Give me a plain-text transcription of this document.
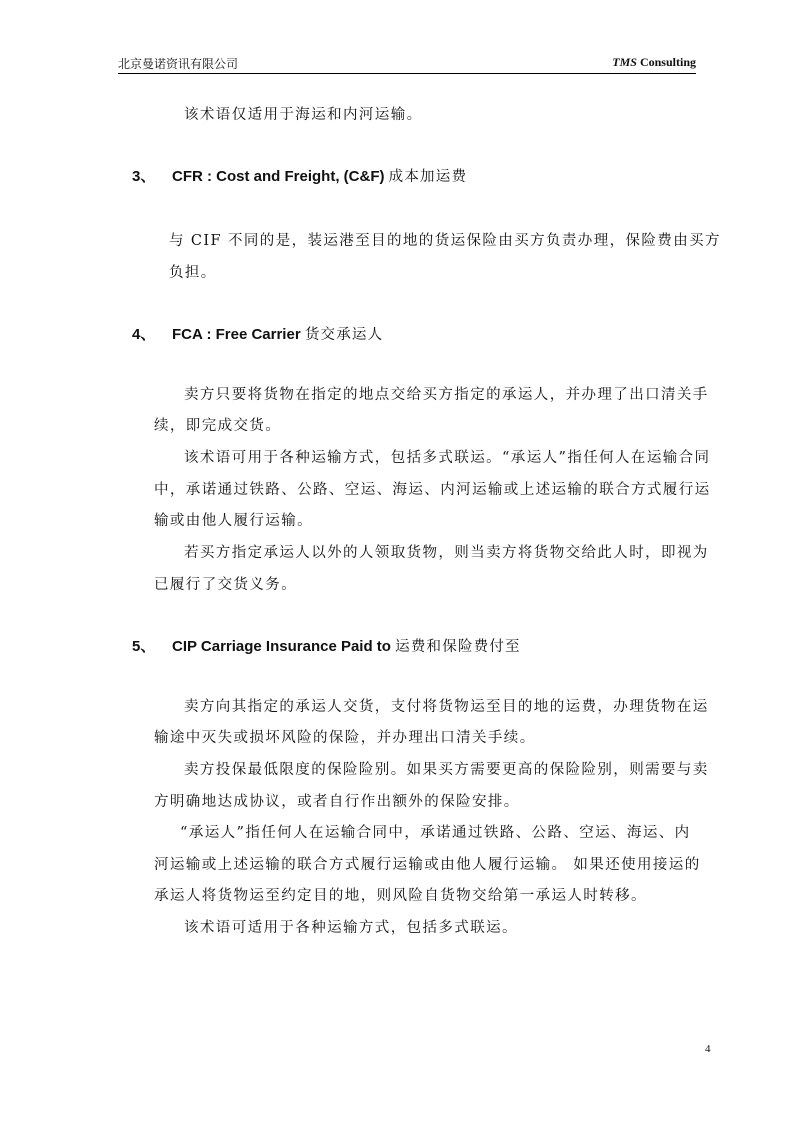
北京曼诺资讯有限公司	TMS Consulting
该术语仅适用于海运和内河运输。
3、 CFR : Cost and Freight, (C&F) 成本加运费
与 CIF 不同的是，装运港至目的地的货运保险由买方负责办理，保险费由买方
负担。
4、 FCA : Free Carrier 货交承运人
卖方只要将货物在指定的地点交给买方指定的承运人，并办理了出口清关手
续，即完成交货。
该术语可用于各种运输方式，包括多式联运。“承运人”指任何人在运输合同
中，承诺通过铁路、公路、空运、海运、内河运输或上述运输的联合方式履行运
输或由他人履行运输。
若买方指定承运人以外的人领取货物，则当卖方将货物交给此人时，即视为
已履行了交货义务。
5、 CIP Carriage Insurance Paid to 运费和保险费付至
卖方向其指定的承运人交货，支付将货物运至目的地的运费，办理货物在运
输途中灭失或损坏风险的保险，并办理出口清关手续。
卖方投保最低限度的保险险别。如果买方需要更高的保险险别，则需要与卖
方明确地达成协议，或者自行作出额外的保险安排。
“承运人”指任何人在运输合同中，承诺通过铁路、公路、空运、海运、内
河运输或上述运输的联合方式履行运输或由他人履行运输。 如果还使用接运的
承运人将货物运至约定目的地，则风险自货物交给第一承运人时转移。
该术语可适用于各种运输方式，包括多式联运。
4
